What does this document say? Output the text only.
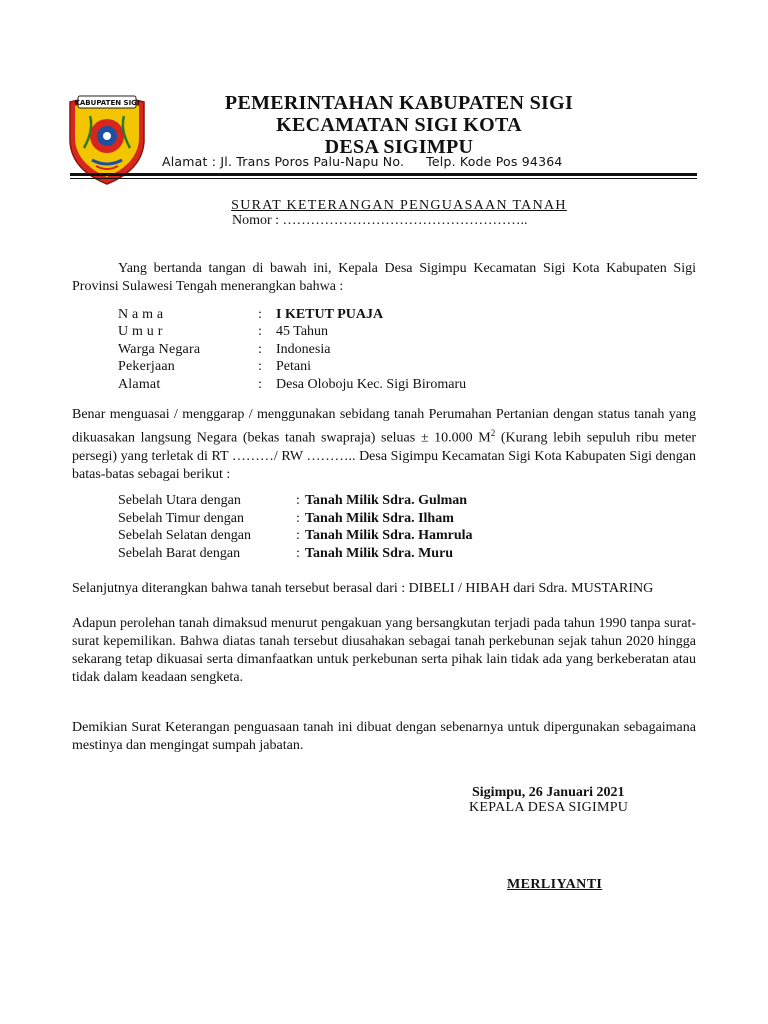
KABUPATEN SIGI	PEMERINTAHAN KABUPATEN SIGI
KECAMATAN SIGI KOTA
DESA SIGIMPU
Alamat : Jl. Trans Poros Palu-Napu No. Telp. Kode Pos 94364
SURAT KETERANGAN PENGUASAAN TANAH
Nomor : ……………………………………………..
Yang bertanda tangan di bawah ini, Kepala Desa Sigimpu Kecamatan Sigi Kota Kabupaten Sigi Provinsi Sulawesi Tengah menerangkan bahwa :
N a m a	: I KETUT PUAJA
U m u r	: 45 Tahun
Warga Negara	: Indonesia
Pekerjaan	: Petani
Alamat	: Desa Oloboju Kec. Sigi Biromaru
Benar menguasai / menggarap / menggunakan sebidang tanah Perumahan Pertanian dengan status tanah yang dikuasakan langsung Negara (bekas tanah swapraja) seluas ± 10.000 $M^2$ (Kurang lebih sepuluh ribu meter persegi) yang terletak di RT ………/ RW ……….. Desa Sigimpu Kecamatan Sigi Kota Kabupaten Sigi dengan batas-batas sebagai berikut :
Sebelah Utara dengan	: Tanah Milik Sdra. Gulman
Sebelah Timur dengan	: Tanah Milik Sdra. Ilham
Sebelah Selatan dengan	: Tanah Milik Sdra. Hamrula
Sebelah Barat dengan	: Tanah Milik Sdra. Muru
Selanjutnya diterangkan bahwa tanah tersebut berasal dari : DIBELI / HIBAH dari Sdra. MUSTARING
Adapun perolehan tanah dimaksud menurut pengakuan yang bersangkutan terjadi pada tahun 1990 tanpa surat-surat kepemilikan. Bahwa diatas tanah tersebut diusahakan sebagai tanah perkebunan sejak tahun 2020 hingga sekarang tetap dikuasai serta dimanfaatkan untuk perkebunan serta pihak lain tidak ada yang berkeberatan atau tidak dalam keadaan sengketa.
Demikian Surat Keterangan penguasaan tanah ini dibuat dengan sebenarnya untuk dipergunakan sebagaimana mestinya dan mengingat sumpah jabatan.
Sigimpu, 26 Januari 2021
KEPALA DESA SIGIMPU
MERLIYANTI
